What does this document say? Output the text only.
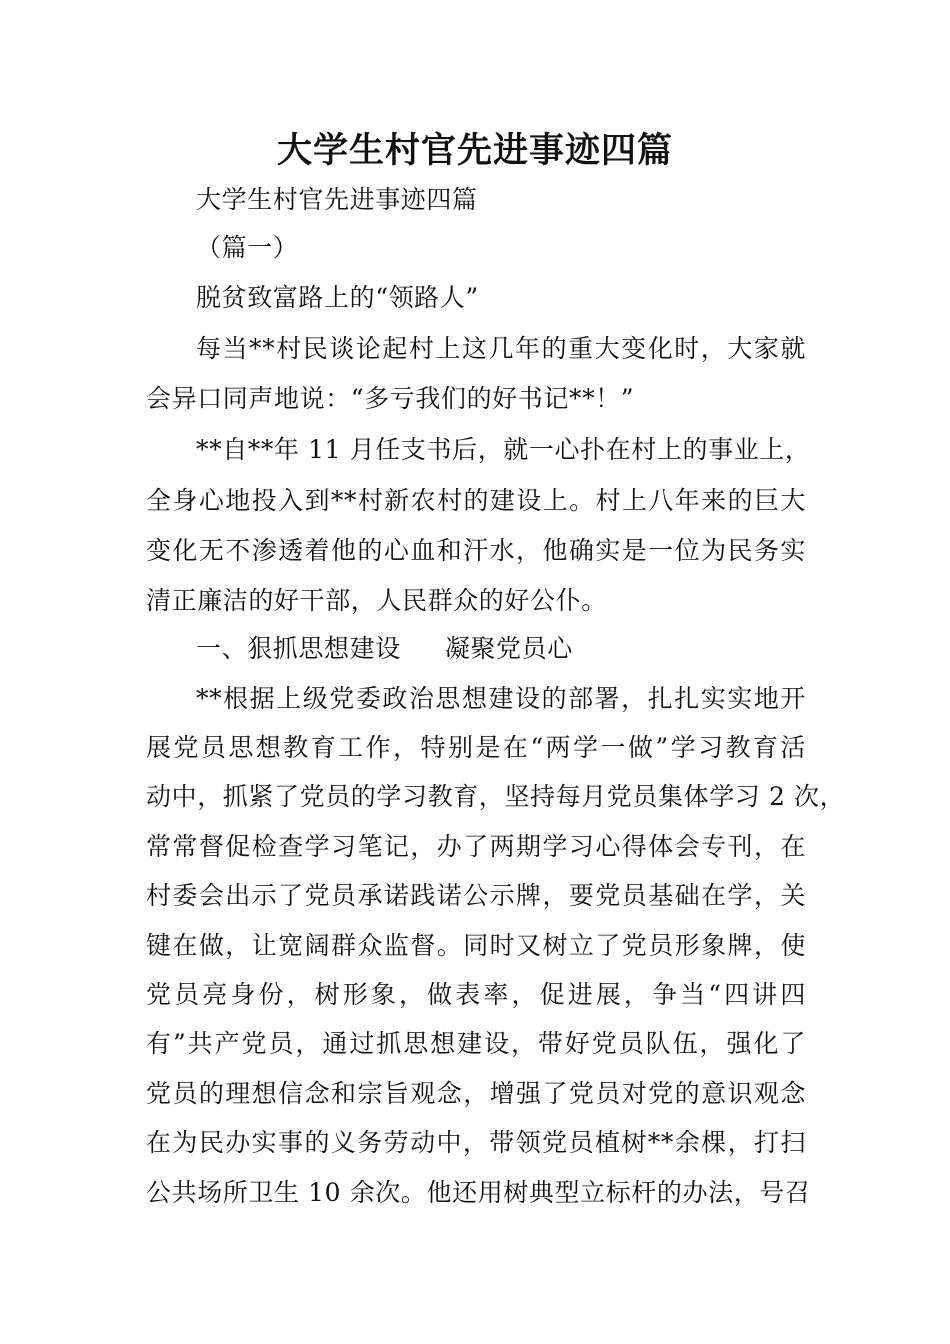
大学生村官先进事迹四篇
大学生村官先进事迹四篇
（篇一）
脱贫致富路上的“领路人”
每当**村民谈论起村上这几年的重大变化时，大家就
会异口同声地说：“多亏我们的好书记**！”
**自**年 11 月任支书后，就一心扑在村上的事业上，
全身心地投入到**村新农村的建设上。村上八年来的巨大
变化无不渗透着他的心血和汗水，他确实是一位为民务实
清正廉洁的好干部，人民群众的好公仆。
一、狠抓思想建设 凝聚党员心
**根据上级党委政治思想建设的部署，扎扎实实地开
展党员思想教育工作，特别是在“两学一做”学习教育活
动中，抓紧了党员的学习教育，坚持每月党员集体学习 2 次，
常常督促检查学习笔记，办了两期学习心得体会专刊，在
村委会出示了党员承诺践诺公示牌，要党员基础在学，关
键在做，让宽阔群众监督。同时又树立了党员形象牌，使
党员亮身份，树形象，做表率，促进展，争当“四讲四
有”共产党员，通过抓思想建设，带好党员队伍，强化了
党员的理想信念和宗旨观念，增强了党员对党的意识观念
在为民办实事的义务劳动中，带领党员植树**余棵，打扫
公共场所卫生 10 余次。他还用树典型立标杆的办法，号召
